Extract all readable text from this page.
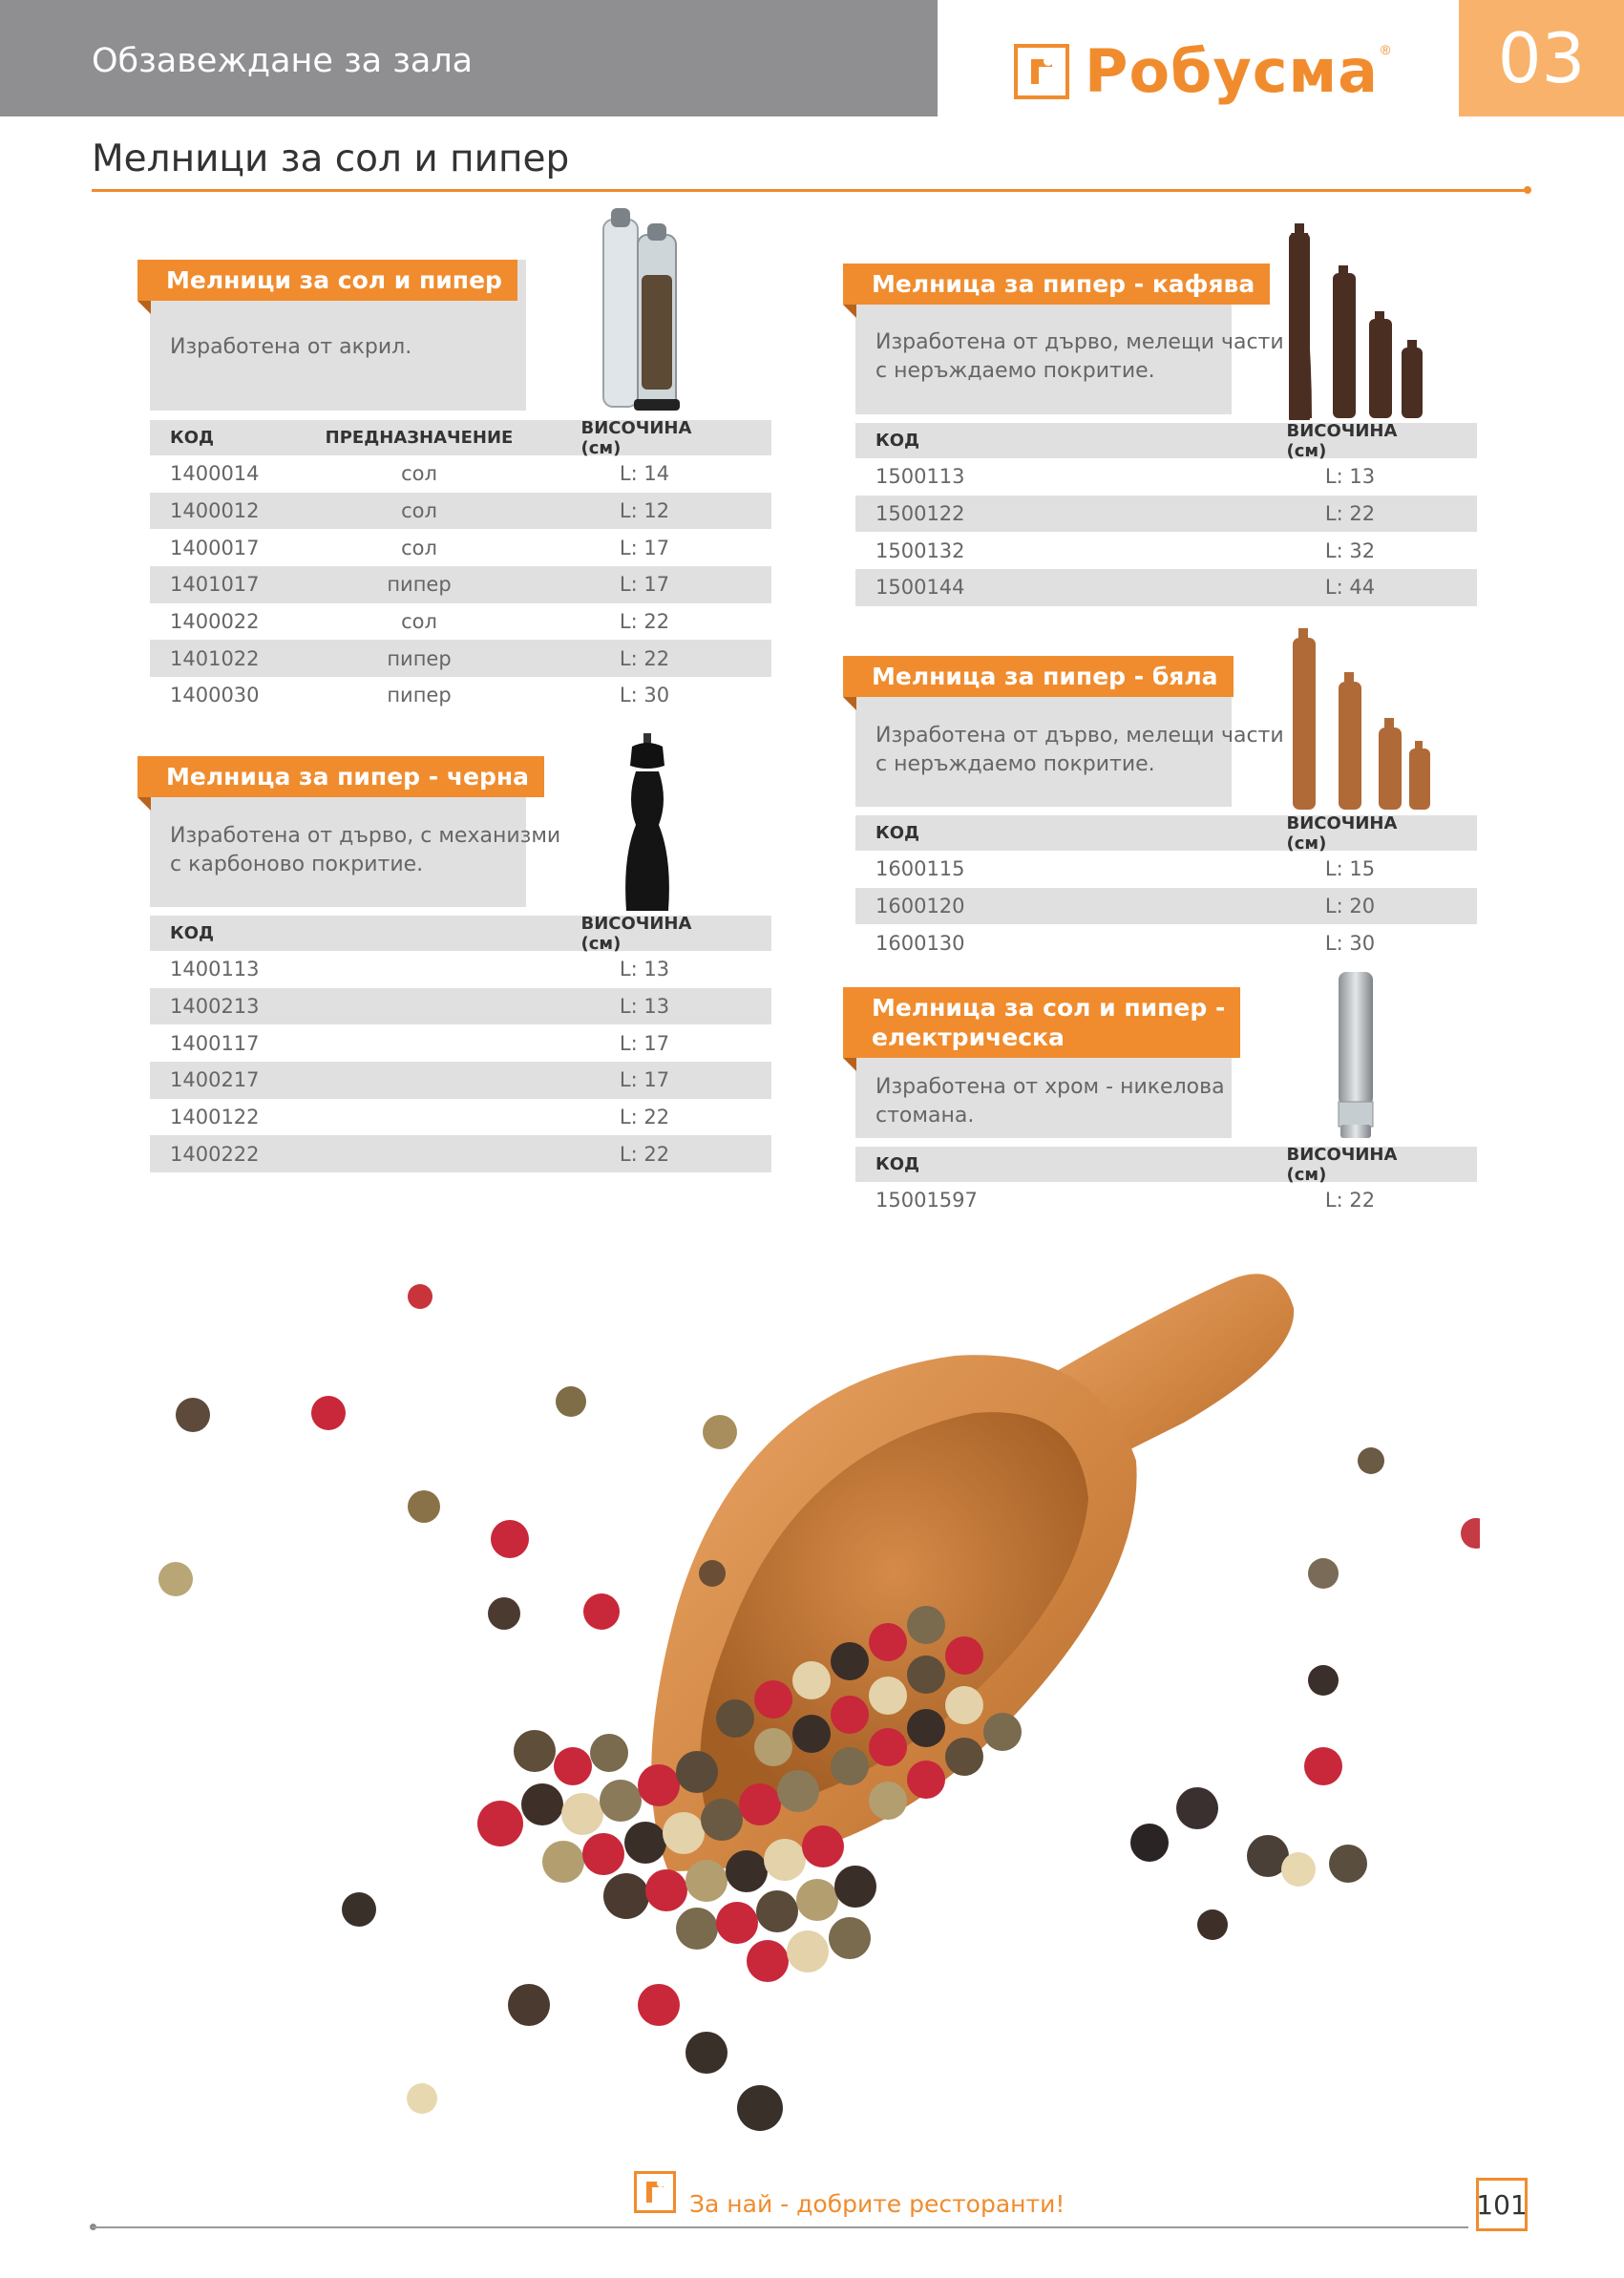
Обзавеждане за зала	Робусма ®	03
Мелници за сол и пипер
Мелници за сол и пипер
Изработена от акрил.
КОД	ПРЕДНАЗНАЧЕНИЕ	ВИСОЧИНА (см)
1400014	сол	L: 14
1400012	сол	L: 12
1400017	сол	L: 17
1401017	пипер	L: 17
1400022	сол	L: 22
1401022	пипер	L: 22
1400030	пипер	L: 30
Мелница за пипер - черна
Изработена от дърво, с механизми
с карбоново покритие.
КОД	ВИСОЧИНА (см)
1400113	L: 13
1400213	L: 13
1400117	L: 17
1400217	L: 17
1400122	L: 22
1400222	L: 22
Мелница за пипер - кафява
Изработена от дърво, мелещи части
с неръждаемо покритие.
КОД	ВИСОЧИНА (см)
1500113	L: 13
1500122	L: 22
1500132	L: 32
1500144	L: 44
Мелница за пипер - бяла
Изработена от дърво, мелещи части
с неръждаемо покритие.
КОД	ВИСОЧИНА (см)
1600115	L: 15
1600120	L: 20
1600130	L: 30
Мелница за сол и пипер -
електрическа
Изработена от хром - никелова
стомана.
КОД	ВИСОЧИНА (см)
15001597	L: 22
За най - добрите ресторанти!	101
